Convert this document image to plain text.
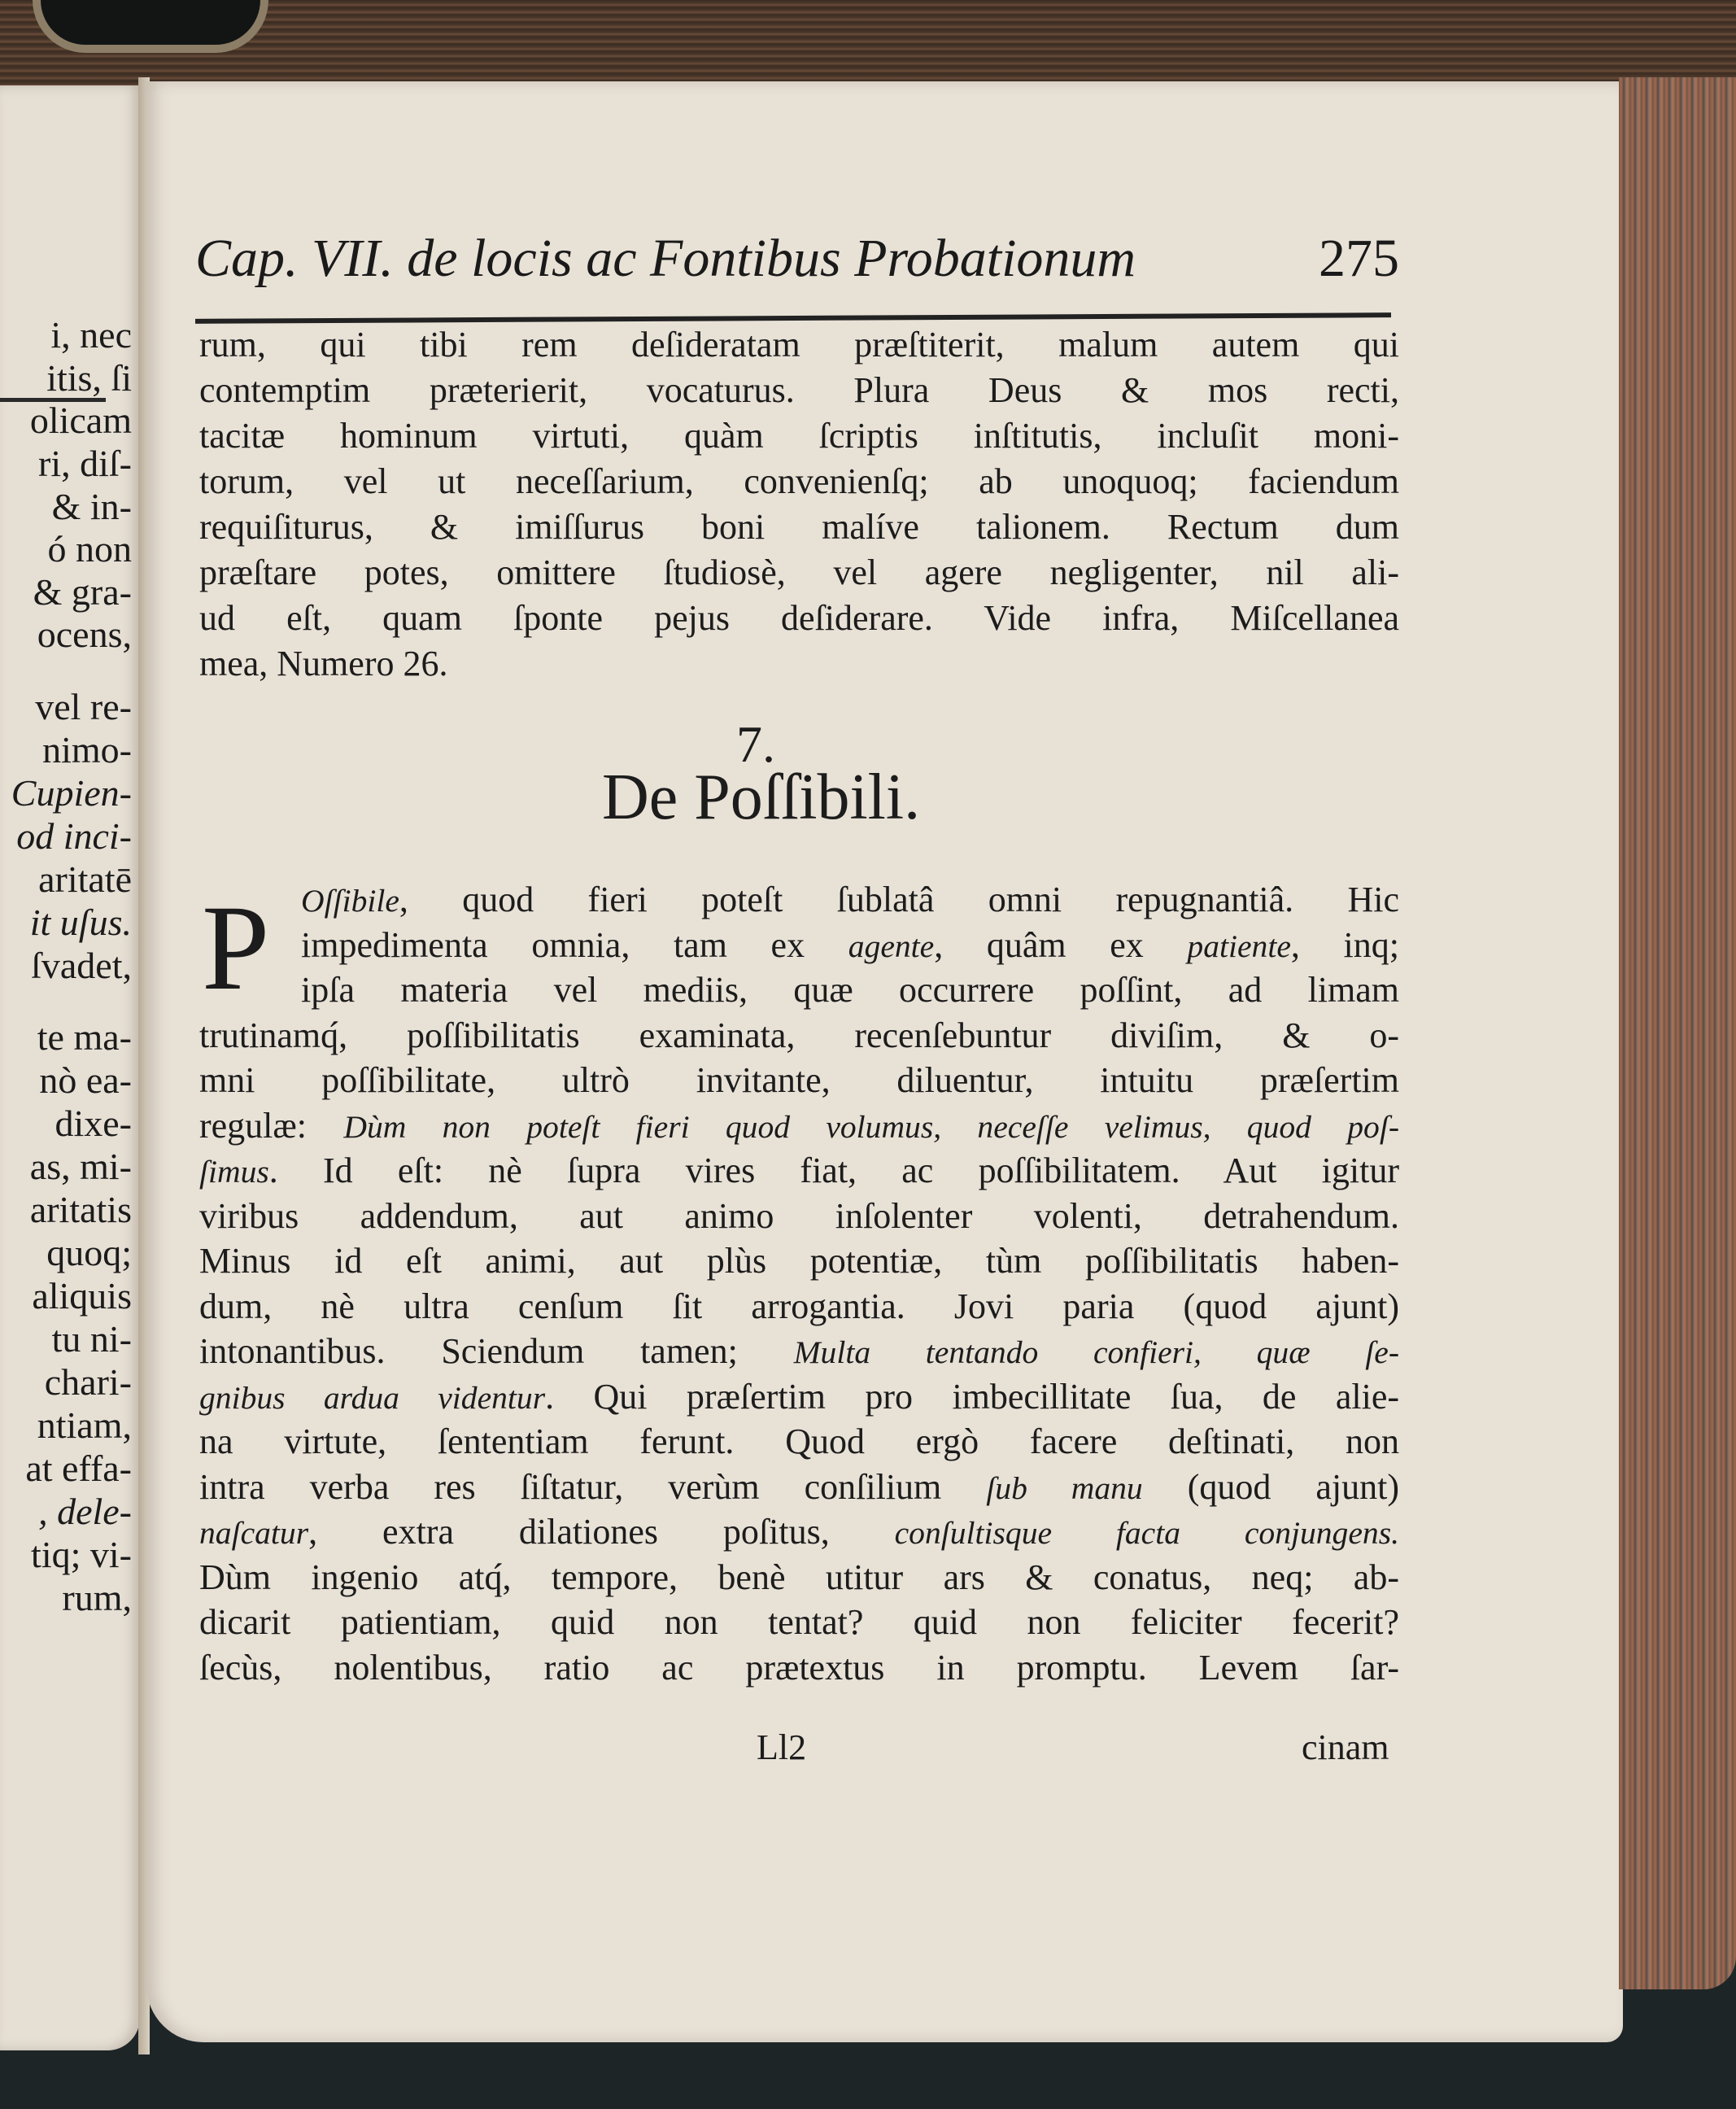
i, nec
itis, ſi
olicam
ri, diſ-
& in-
ó non
& gra-
ocens,
vel re-
nimo-
Cupien-
od inci-
aritatē
it uſus.
ſvadet,
te ma-
nò ea-
dixe-
as, mi-
aritatis
quoq;
aliquis
tu ni-
chari-
ntiam,
at effa-
, dele-
tiq; vi-
rum,
Cap. VII. de locis ac Fontibus Probationum	275
rum, qui tibi rem deſideratam præſtiterit, malum autem qui
contemptim præterierit, vocaturus. Plura Deus & mos recti,
tacitæ hominum virtuti, quàm ſcriptis inſtitutis, incluſit moni-
torum, vel ut neceſſarium, convenienſq; ab unoquoq; faciendum
requiſiturus, & imiſſurus boni malíve talionem. Rectum dum
præſtare potes, omittere ſtudiosè, vel agere negligenter, nil ali-
ud eſt, quam ſponte pejus deſiderare. Vide infra, Miſcellanea
mea, Numero 26.
7.
De Poſſibili.
P Oſſibile, quod fieri poteſt ſublatâ omni repugnantiâ. Hic
impedimenta omnia, tam ex agente, quâm ex patiente, inq;
ipſa materia vel mediis, quæ occurrere poſſint, ad limam
trutinamq́, poſſibilitatis examinata, recenſebuntur diviſim, & o-
mni poſſibilitate, ultrò invitante, diluentur, intuitu præſertim
regulæ: Dùm non poteſt fieri quod volumus, neceſſe velimus, quod poſ-
ſimus. Id eſt: nè ſupra vires fiat, ac poſſibilitatem. Aut igitur
viribus addendum, aut animo inſolenter volenti, detrahendum.
Minus id eſt animi, aut plùs potentiæ, tùm poſſibilitatis haben-
dum, nè ultra cenſum ſit arrogantia. Jovi paria (quod ajunt)
intonantibus. Sciendum tamen; Multa tentando confieri, quæ ſe-
gnibus ardua videntur. Qui præſertim pro imbecillitate ſua, de alie-
na virtute, ſententiam ferunt. Quod ergò facere deſtinati, non
intra verba res ſiſtatur, verùm conſilium ſub manu (quod ajunt)
naſcatur, extra dilationes poſitus, conſultisque facta conjungens.
Dùm ingenio atq́, tempore, benè utitur ars & conatus, neq; ab-
dicarit patientiam, quid non tentat? quid non feliciter fecerit?
ſecùs, nolentibus, ratio ac prætextus in promptu. Levem ſar-
Ll2	cinam
